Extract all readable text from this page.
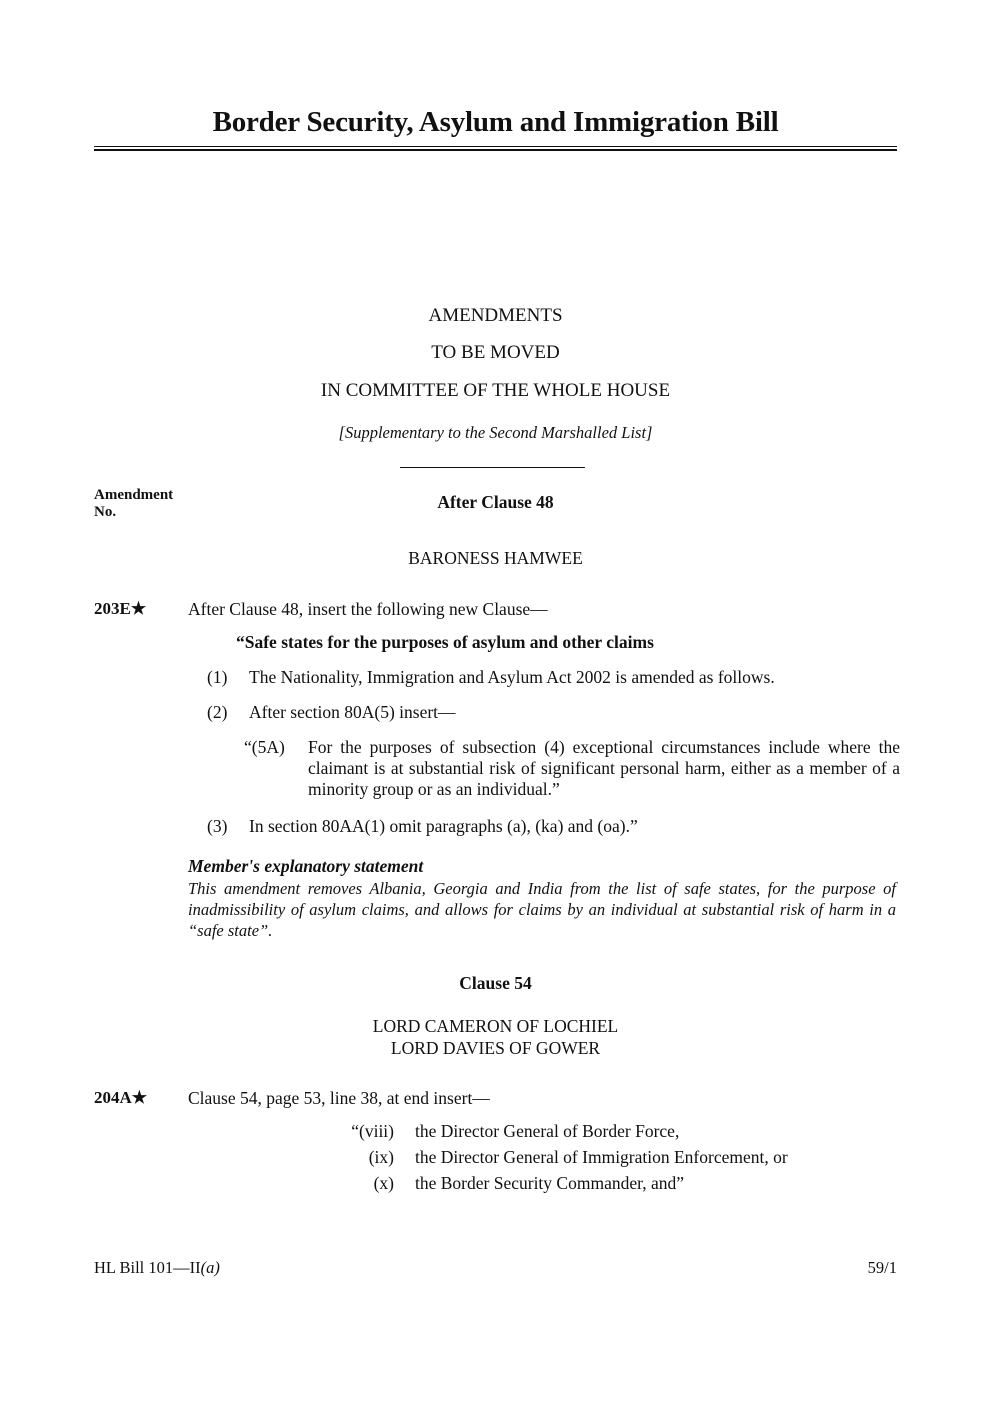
Border Security, Asylum and Immigration Bill
AMENDMENTS
TO BE MOVED
IN COMMITTEE OF THE WHOLE HOUSE
[Supplementary to the Second Marshalled List]
Amendment
No.	After Clause 48
BARONESS HAMWEE
203E★ After Clause 48, insert the following new Clause—
“Safe states for the purposes of asylum and other claims
(1) The Nationality, Immigration and Asylum Act 2002 is amended as follows.
(2) After section 80A(5) insert—
“(5A) For the purposes of subsection (4) exceptional circumstances include where the claimant is at substantial risk of significant personal harm, either as a member of a minority group or as an individual.”
(3) In section 80AA(1) omit paragraphs (a), (ka) and (oa).”
Member's explanatory statement
This amendment removes Albania, Georgia and India from the list of safe states, for the purpose of inadmissibility of asylum claims, and allows for claims by an individual at substantial risk of harm in a “safe state”.
Clause 54
LORD CAMERON OF LOCHIEL
LORD DAVIES OF GOWER
204A★ Clause 54, page 53, line 38, at end insert—
“(viii) the Director General of Border Force,
(ix) the Director General of Immigration Enforcement, or
(x) the Border Security Commander, and”
HL Bill 101—II(a)	59/1
